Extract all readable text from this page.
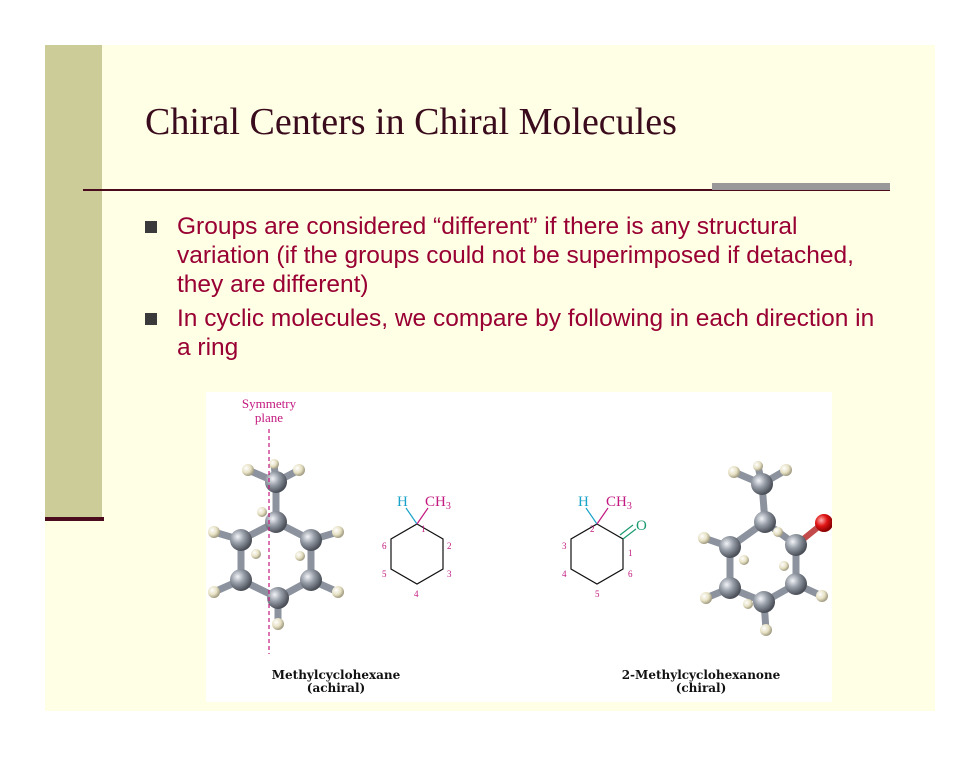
Chiral Centers in Chiral Molecules
Groups are considered “different” if there is any structural variation (if the groups could not be superimposed if detached, they are different)
In cyclic molecules, we compare by following in each direction in a ring
Symmetry plane
H $CH_3$
1
2
3
4
5
6
H $CH_3$
O
1
2
3
4
5
6
Methylcyclohexane
(achiral)
2-Methylcyclohexanone
(chiral)
